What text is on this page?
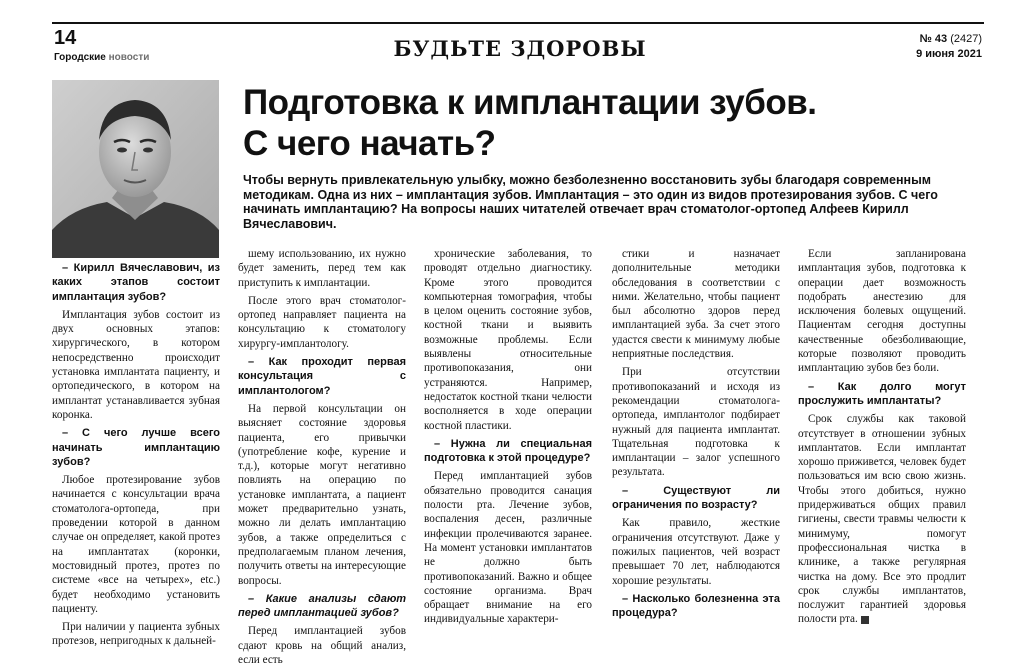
14
Городские новости	БУДЬТЕ ЗДОРОВЫ	№ 43 (2427)
9 июня 2021
Подготовка к имплантации зубов.
С чего начать?

Чтобы вернуть привлекательную улыбку, можно безболезненно восстановить зубы благодаря современным методикам. Одна из них – имплантация зубов. Имплантация – это один из видов протезирования зубов. С чего начинать имплантацию? На вопросы наших читателей отвечает врач стоматолог-ортопед Алфеев Кирилл Вячеславович.

– Кирилл Вячеславович, из каких этапов состоит имплантация зубов?

Имплантация зубов состоит из двух основных этапов: хирургического, в котором непосредственно происходит установка имплантата пациенту, и ортопедического, в котором на имплантат устанавливается зубная коронка.

– С чего лучше всего начинать имплантацию зубов?

Любое протезирование зубов начинается с консультации врача стоматолога-ортопеда, при проведении которой в данном случае он определяет, какой протез на имплантатах (коронки, мостовидный протез, протез по системе «все на четырех», etc.) будет необходимо установить пациенту.

При наличии у пациента зубных протезов, непригодных к дальней-

шему использованию, их нужно будет заменить, перед тем как приступить к имплантации.

После этого врач стоматолог-ортопед направляет пациента на консультацию к стоматологу хирургу-имплантологу.

– Как проходит первая консультация с имплантологом?

На первой консультации он выясняет состояние здоровья пациента, его привычки (употребление кофе, курение и т.д.), которые могут негативно повлиять на операцию по установке имплантата, а пациент может предварительно узнать, можно ли делать имплантацию зубов, а также определиться с предполагаемым планом лечения, получить ответы на интересующие вопросы.

– Какие анализы сдают перед имплантацией зубов?

Перед имплантацией зубов сдают кровь на общий анализ, если есть

хронические заболевания, то проводят отдельно диагностику. Кроме этого проводится компьютерная томография, чтобы в целом оценить состояние зубов, костной ткани и выявить возможные проблемы. Если выявлены относительные противопоказания, они устраняются. Например, недостаток костной ткани челюсти восполняется в ходе операции костной пластики.

– Нужна ли специальная подготовка к этой процедуре?

Перед имплантацией зубов обязательно проводится санация полости рта. Лечение зубов, воспаления десен, различные инфекции пролечиваются заранее. На момент установки имплантатов не должно быть противопоказаний. Важно и общее состояние организма. Врач обращает внимание на его индивидуальные характери-

стики и назначает дополнительные методики обследования в соответствии с ними. Желательно, чтобы пациент был абсолютно здоров перед имплантацией зуба. За счет этого удастся свести к минимуму любые неприятные последствия.

При отсутствии противопоказаний и исходя из рекомендации стоматолога-ортопеда, имплантолог подбирает нужный для пациента имплантат. Тщательная подготовка к имплантации – залог успешного результата.

– Существуют ли ограничения по возрасту?

Как правило, жесткие ограничения отсутствуют. Даже у пожилых пациентов, чей возраст превышает 70 лет, наблюдаются хорошие результаты.

– Насколько болезненна эта процедура?

Если запланирована имплантация зубов, подготовка к операции дает возможность подобрать анестезию для исключения болевых ощущений. Пациентам сегодня доступны качественные обезболивающие, которые позволяют проводить имплантацию зубов без боли.

– Как долго могут прослужить имплантаты?

Срок службы как таковой отсутствует в отношении зубных имплантатов. Если имплантат хорошо приживется, человек будет пользоваться им всю свою жизнь. Чтобы этого добиться, нужно придерживаться общих правил гигиены, свести травмы челюсти к минимуму, помогут профессиональная чистка в клинике, а также регулярная чистка на дому. Все это продлит срок службы имплантатов, послужит гарантией здоровья полости рта.
